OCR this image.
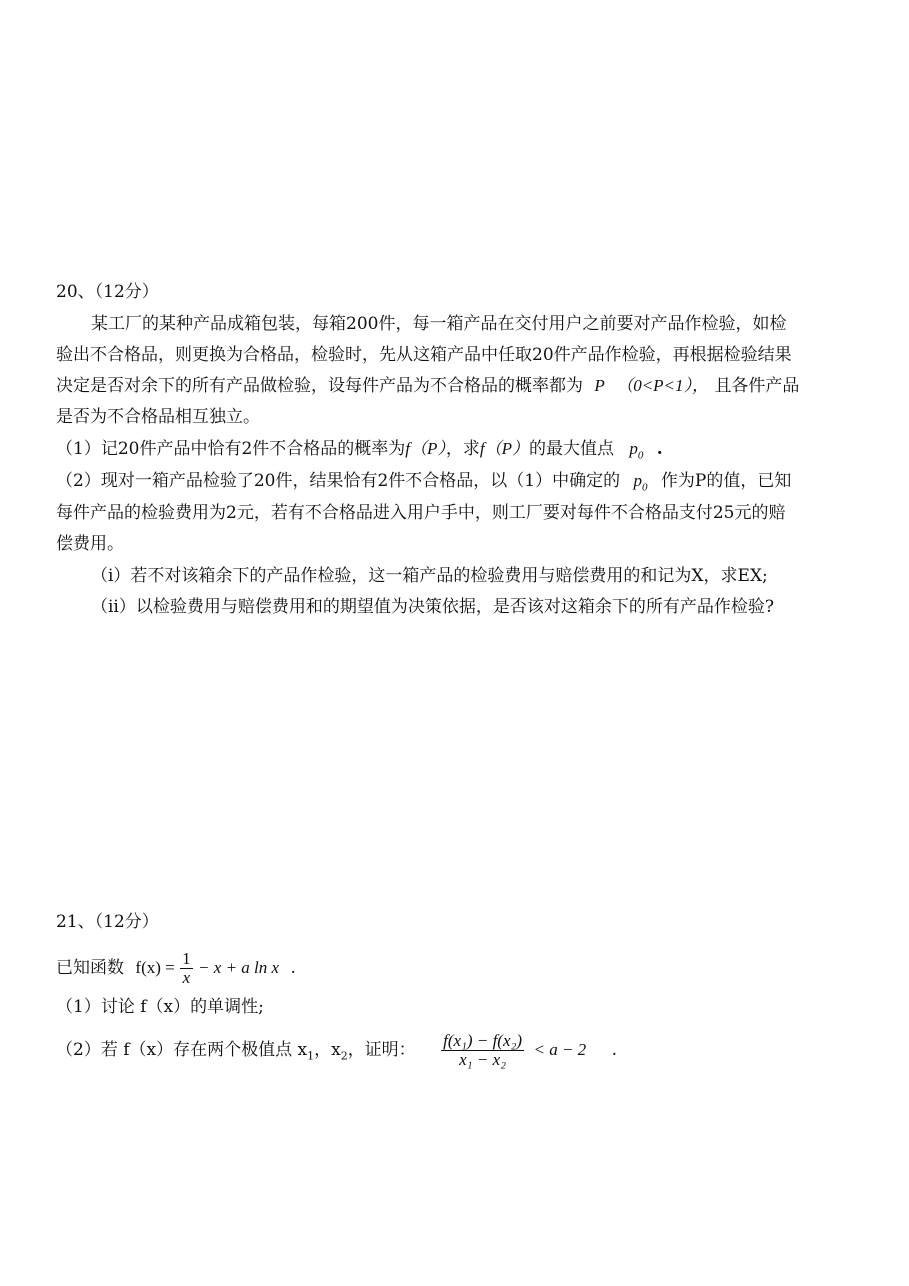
20、（12分）
某工厂的某种产品成箱包装，每箱200件，每一箱产品在交付用户之前要对产品作检验，如检
验出不合格品，则更换为合格品，检验时，先从这箱产品中任取20件产品作检验，再根据检验结果
决定是否对余下的所有产品做检验，设每件产品为不合格品的概率都为 P （0<P<1）， 且各件产品
是否为不合格品相互独立。
（1）记20件产品中恰有2件不合格品的概率为f（P），求f（P）的最大值点 $p_0$ .
（2）现对一箱产品检验了20件，结果恰有2件不合格品，以（1）中确定的 $p_0$ 作为P的值，已知
每件产品的检验费用为2元，若有不合格品进入用户手中，则工厂要对每件不合格品支付25元的赔
偿费用。
（i）若不对该箱余下的产品作检验，这一箱产品的检验费用与赔偿费用的和记为X，求EX;
（ii）以检验费用与赔偿费用和的期望值为决策依据，是否该对这箱余下的所有产品作检验?
21、（12分）
已知函数 $f(x) = \frac{1}{x} - x + a$ ln x .
（1）讨论 f（x）的单调性;
（2）若 f（x）存在两个极值点 $x_1$，$x_2$，证明： $\frac{\text{f(x₁) − f(x₂)}}{\text{x₁ − x₂}} < a - 2$ .
